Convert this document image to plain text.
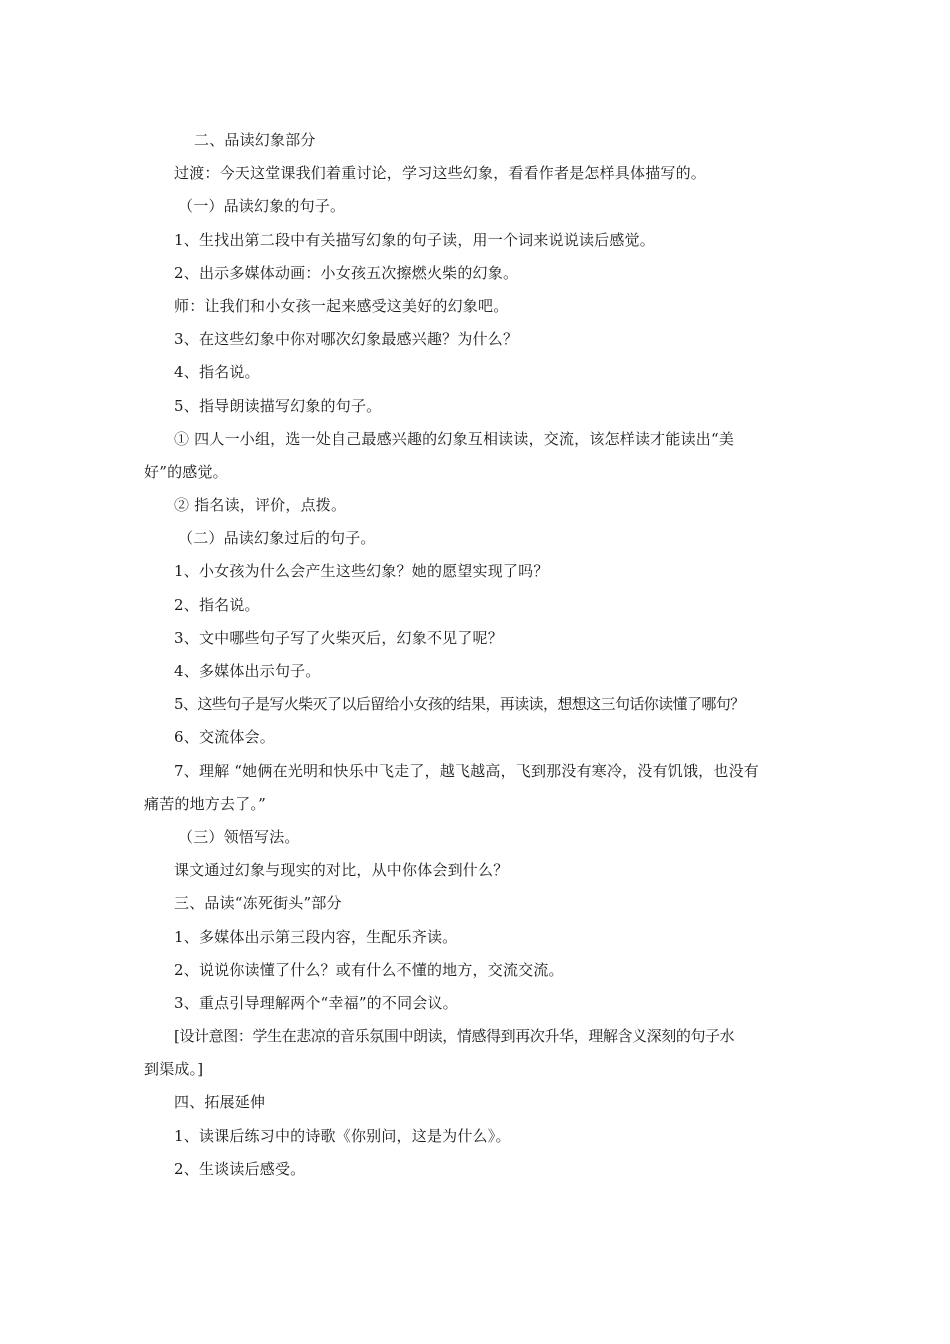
二、品读幻象部分
过渡：今天这堂课我们着重讨论，学习这些幻象，看看作者是怎样具体描写的。
（一）品读幻象的句子。
1、生找出第二段中有关描写幻象的句子读，用一个词来说说读后感觉。
2、出示多媒体动画：小女孩五次擦燃火柴的幻象。
师：让我们和小女孩一起来感受这美好的幻象吧。
3、在这些幻象中你对哪次幻象最感兴趣？为什么？
4、指名说。
5、指导朗读描写幻象的句子。
① 四人一小组，选一处自己最感兴趣的幻象互相读读，交流，该怎样读才能读出“美
好”的感觉。
② 指名读，评价，点拨。
（二）品读幻象过后的句子。
1、小女孩为什么会产生这些幻象？她的愿望实现了吗？
2、指名说。
3、文中哪些句子写了火柴灭后，幻象不见了呢？
4、多媒体出示句子。
5、这些句子是写火柴灭了以后留给小女孩的结果，再读读，想想这三句话你读懂了哪句？
6、交流体会。
7、理解 “她俩在光明和快乐中飞走了，越飞越高，飞到那没有寒冷，没有饥饿，也没有
痛苦的地方去了。”
（三）领悟写法。
课文通过幻象与现实的对比，从中你体会到什么？
三、品读“冻死街头”部分
1、多媒体出示第三段内容，生配乐齐读。
2、说说你读懂了什么？或有什么不懂的地方，交流交流。
3、重点引导理解两个“幸福”的不同会议。
[设计意图：学生在悲凉的音乐氛围中朗读，情感得到再次升华，理解含义深刻的句子水
到渠成。]
四、拓展延伸
1、读课后练习中的诗歌《你别问，这是为什么》。
2、生谈读后感受。
